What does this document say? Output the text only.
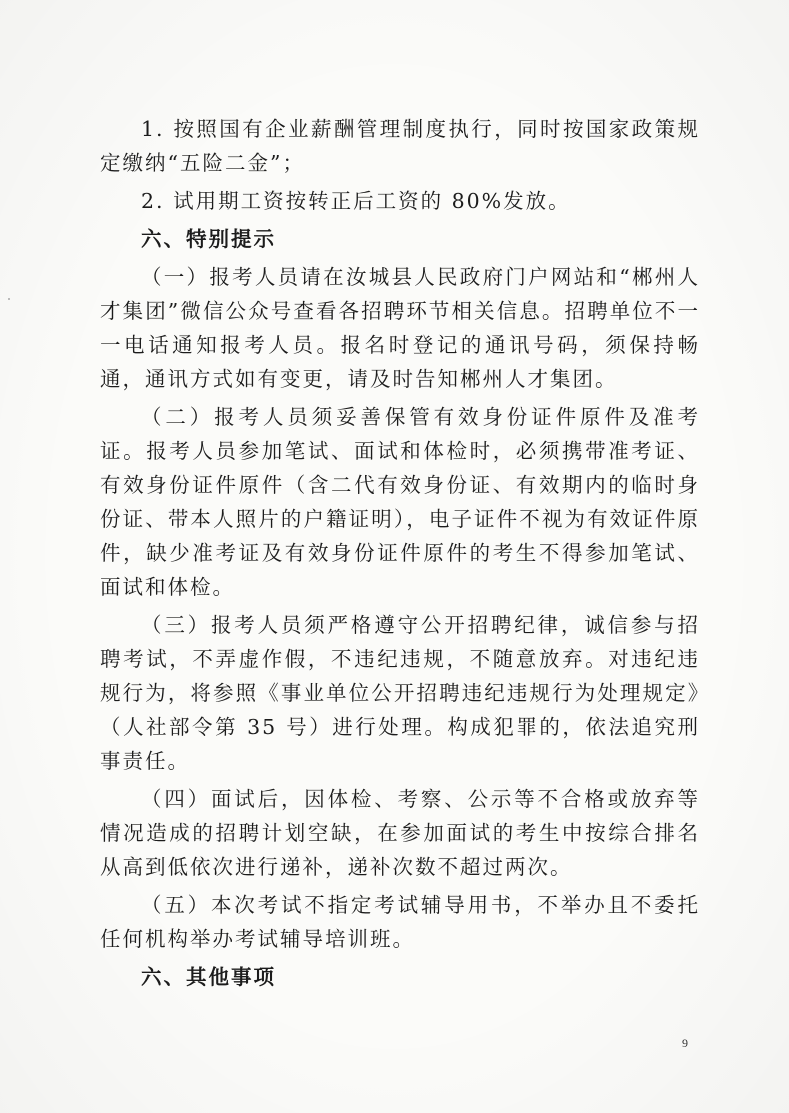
1. 按照国有企业薪酬管理制度执行，同时按国家政策规定缴纳“五险二金”；

2. 试用期工资按转正后工资的 80%发放。

六、特别提示

（一）报考人员请在汝城县人民政府门户网站和“郴州人才集团”微信公众号查看各招聘环节相关信息。招聘单位不一一电话通知报考人员。报名时登记的通讯号码，须保持畅通，通讯方式如有变更，请及时告知郴州人才集团。

（二）报考人员须妥善保管有效身份证件原件及准考证。报考人员参加笔试、面试和体检时，必须携带准考证、有效身份证件原件（含二代有效身份证、有效期内的临时身份证、带本人照片的户籍证明），电子证件不视为有效证件原件，缺少准考证及有效身份证件原件的考生不得参加笔试、面试和体检。

（三）报考人员须严格遵守公开招聘纪律，诚信参与招聘考试，不弄虚作假，不违纪违规，不随意放弃。对违纪违规行为，将参照《事业单位公开招聘违纪违规行为处理规定》（人社部令第 35 号）进行处理。构成犯罪的，依法追究刑事责任。

（四）面试后，因体检、考察、公示等不合格或放弃等情况造成的招聘计划空缺，在参加面试的考生中按综合排名从高到低依次进行递补，递补次数不超过两次。

（五）本次考试不指定考试辅导用书，不举办且不委托任何机构举办考试辅导培训班。

六、其他事项

9
